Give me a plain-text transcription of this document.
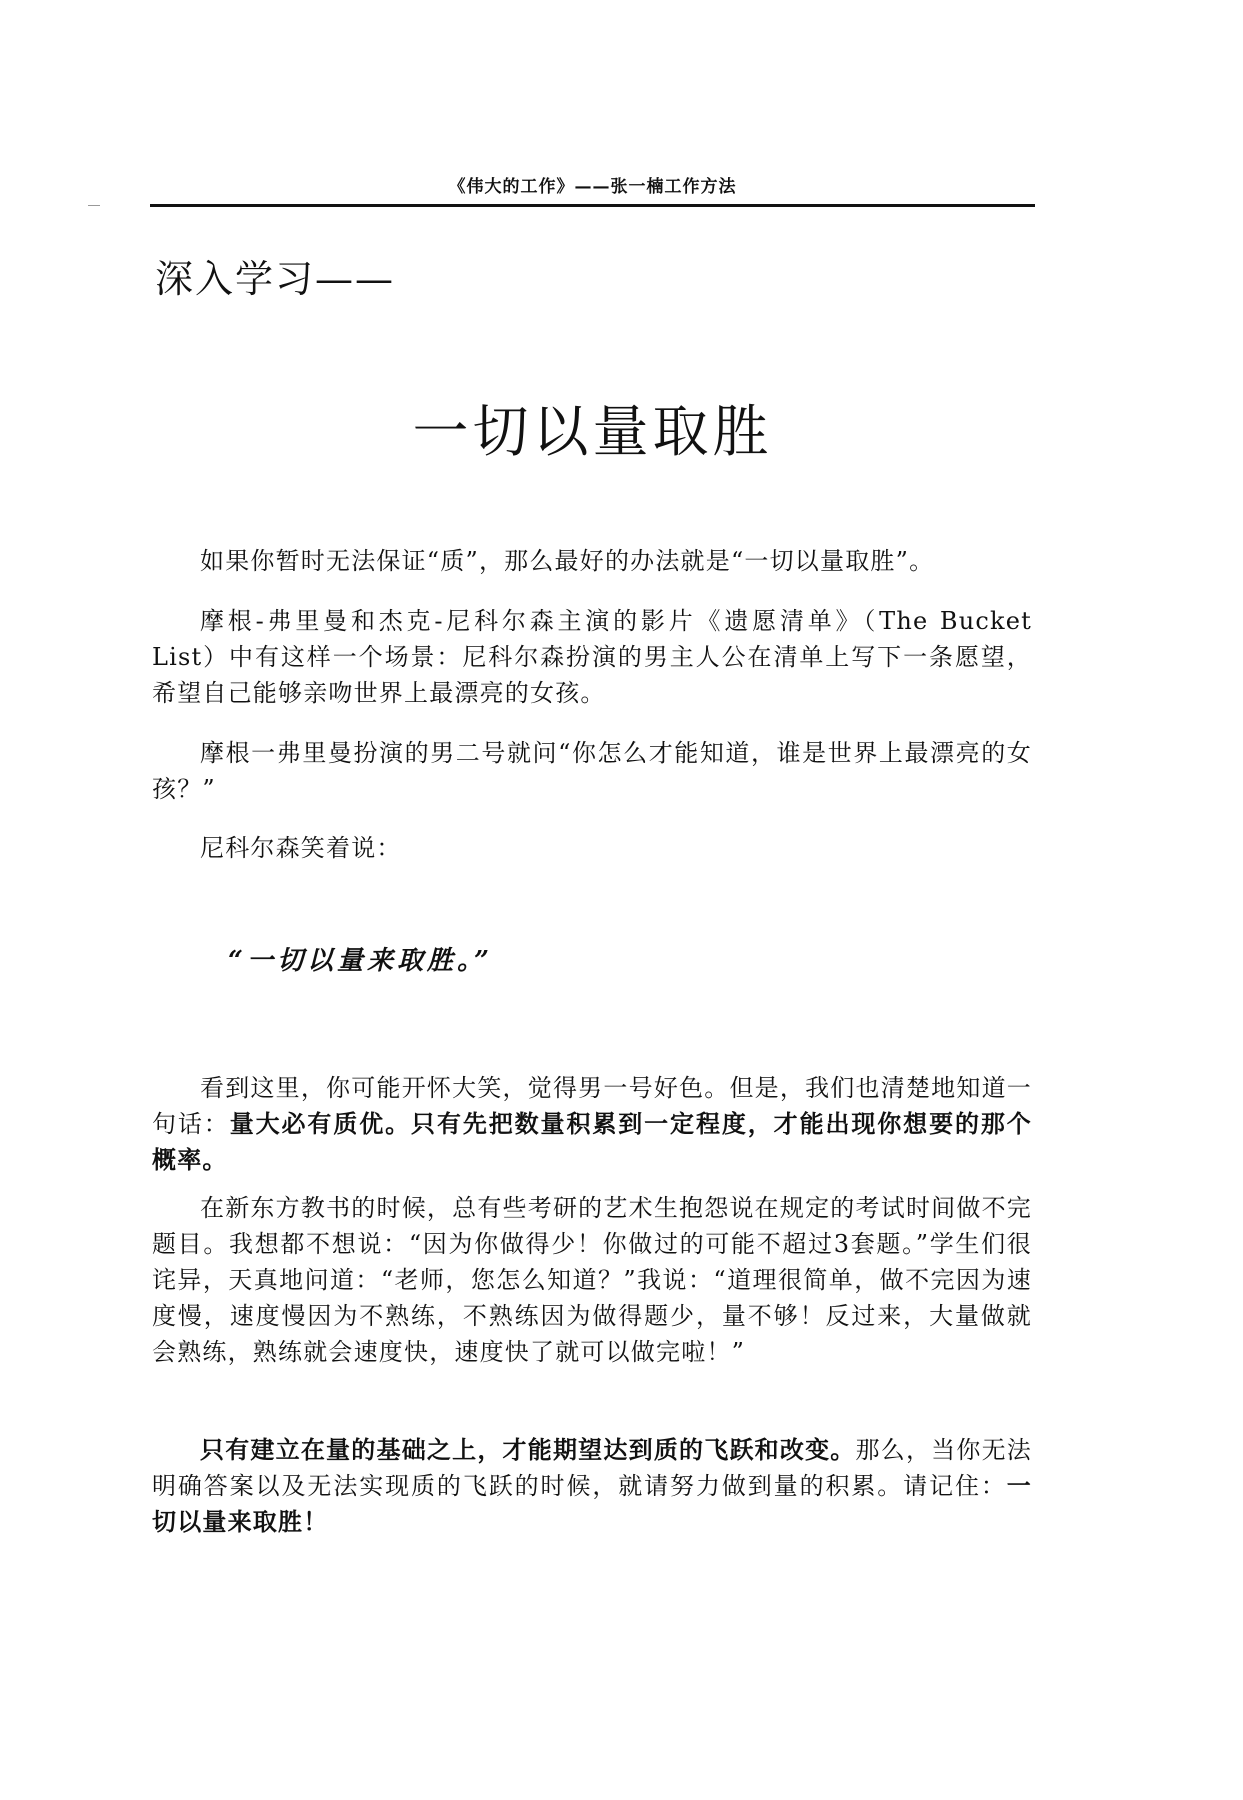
《伟大的工作》——张一楠工作方法
深入学习——
一切以量取胜

如果你暂时无法保证“质”，那么最好的办法就是“一切以量取胜”。

摩根-弗里曼和杰克-尼科尔森主演的影片《遗愿清单》（The Bucket List）中有这样一个场景：尼科尔森扮演的男主人公在清单上写下一条愿望，希望自己能够亲吻世界上最漂亮的女孩。

摩根一弗里曼扮演的男二号就问“你怎么才能知道，谁是世界上最漂亮的女孩？”

尼科尔森笑着说：

“一切以量来取胜。”

看到这里，你可能开怀大笑，觉得男一号好色。但是，我们也清楚地知道一句话：量大必有质优。只有先把数量积累到一定程度，才能出现你想要的那个概率。

在新东方教书的时候，总有些考研的艺术生抱怨说在规定的考试时间做不完题目。我想都不想说：“因为你做得少！你做过的可能不超过3套题。”学生们很诧异，天真地问道：“老师，您怎么知道？”我说：“道理很简单，做不完因为速度慢，速度慢因为不熟练，不熟练因为做得题少，量不够！反过来，大量做就会熟练，熟练就会速度快，速度快了就可以做完啦！”

只有建立在量的基础之上，才能期望达到质的飞跃和改变。那么，当你无法明确答案以及无法实现质的飞跃的时候，就请努力做到量的积累。请记住：一切以量来取胜！
